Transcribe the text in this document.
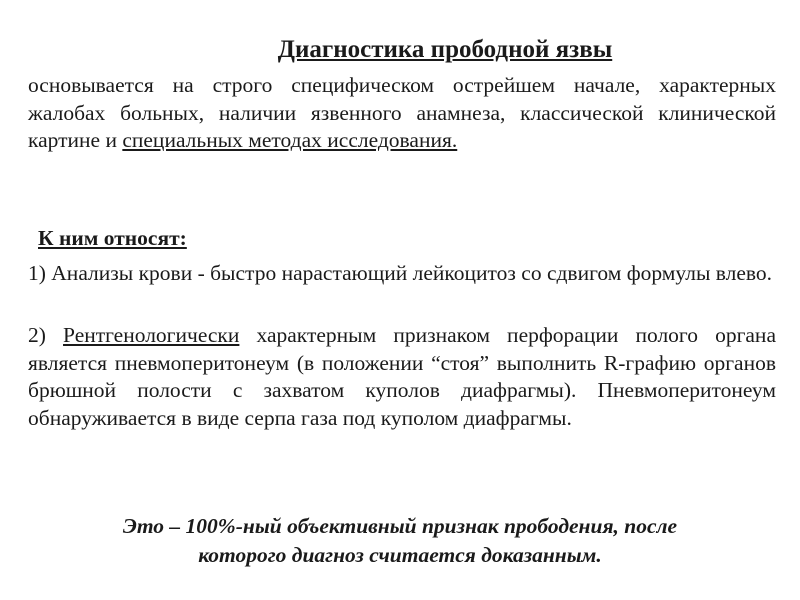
Диагностика прободной язвы
основывается на строго специфическом острейшем начале, характерных жалобах больных, наличии язвенного анамнеза, классической клинической картине и специальных методах исследования.
К ним относят:
1) Анализы крови - быстро нарастающий лейкоцитоз со сдвигом формулы влево.
2) Рентгенологически характерным признаком перфорации полого органа является пневмоперитонеум (в положении “стоя” выполнить R-графию органов брюшной полости с захватом куполов диафрагмы). Пневмоперитонеум обнаруживается в виде серпа газа под куполом диафрагмы.
Это – 100%-ный объективный признак прободения, после
которого диагноз считается доказанным.
